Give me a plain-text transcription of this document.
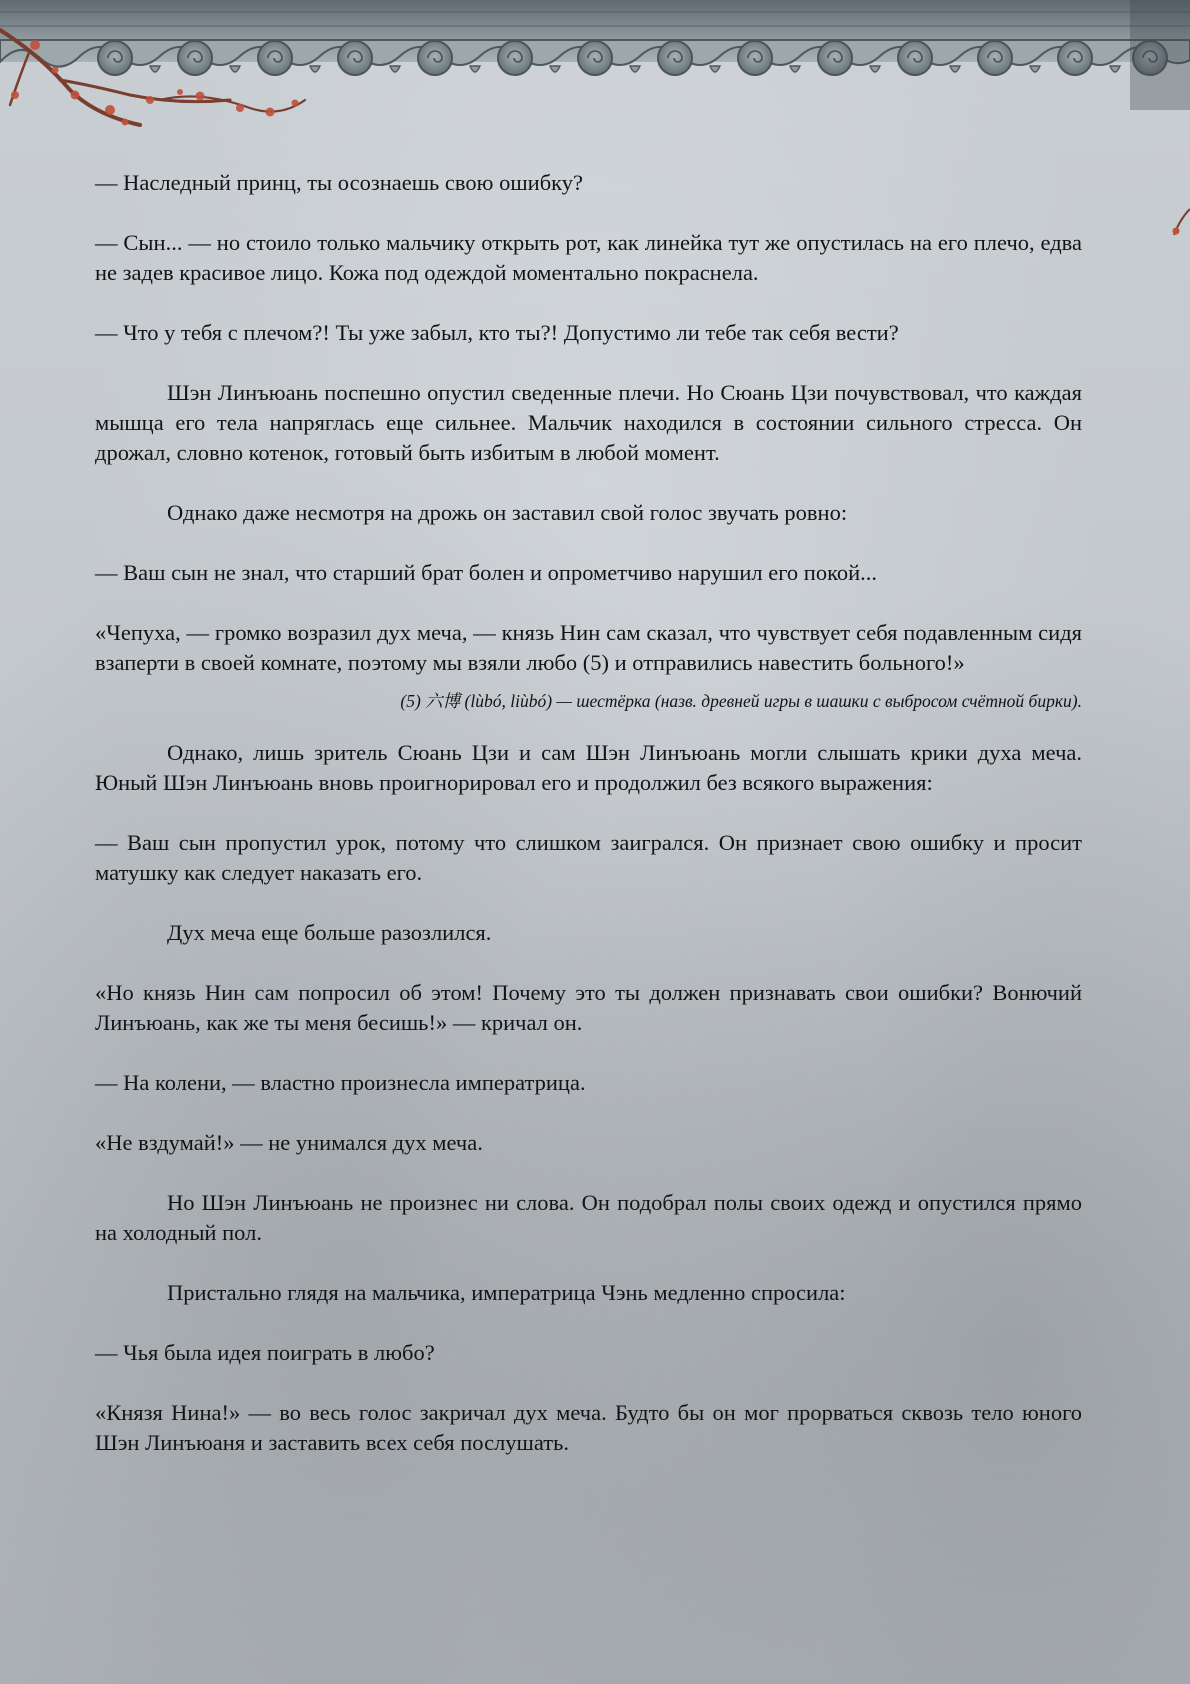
— Наследный принц, ты осознаешь свою ошибку?

— Сын... — но стоило только мальчику открыть рот, как линейка тут же опустилась на его плечо, едва не задев красивое лицо. Кожа под одеждой моментально покраснела.

— Что у тебя с плечом?! Ты уже забыл, кто ты?! Допустимо ли тебе так себя вести?

Шэн Линъюань поспешно опустил сведенные плечи. Но Сюань Цзи почувствовал, что каждая мышца его тела напряглась еще сильнее. Мальчик находился в состоянии сильного стресса. Он дрожал, словно котенок, готовый быть избитым в любой момент.

Однако даже несмотря на дрожь он заставил свой голос звучать ровно:

— Ваш сын не знал, что старший брат болен и опрометчиво нарушил его покой...

«Чепуха, — громко возразил дух меча, — князь Нин сам сказал, что чувствует себя подавленным сидя взаперти в своей комнате, поэтому мы взяли любо (5) и отправились навестить больного!»

(5) 六博 (lùbó, liùbó) — шестёрка (назв. древней игры в шашки с выбросом счётной бирки).

Однако, лишь зритель Сюань Цзи и сам Шэн Линъюань могли слышать крики духа меча. Юный Шэн Линъюань вновь проигнорировал его и продолжил без всякого выражения:

— Ваш сын пропустил урок, потому что слишком заигрался. Он признает свою ошибку и просит матушку как следует наказать его.

Дух меча еще больше разозлился.

«Но князь Нин сам попросил об этом! Почему это ты должен признавать свои ошибки? Вонючий Линъюань, как же ты меня бесишь!» — кричал он.

— На колени, — властно произнесла императрица.

«Не вздумай!» — не унимался дух меча.

Но Шэн Линъюань не произнес ни слова. Он подобрал полы своих одежд и опустился прямо на холодный пол.

Пристально глядя на мальчика, императрица Чэнь медленно спросила:

— Чья была идея поиграть в любо?

«Князя Нина!» — во весь голос закричал дух меча. Будто бы он мог прорваться сквозь тело юного Шэн Линъюаня и заставить всех себя послушать.
